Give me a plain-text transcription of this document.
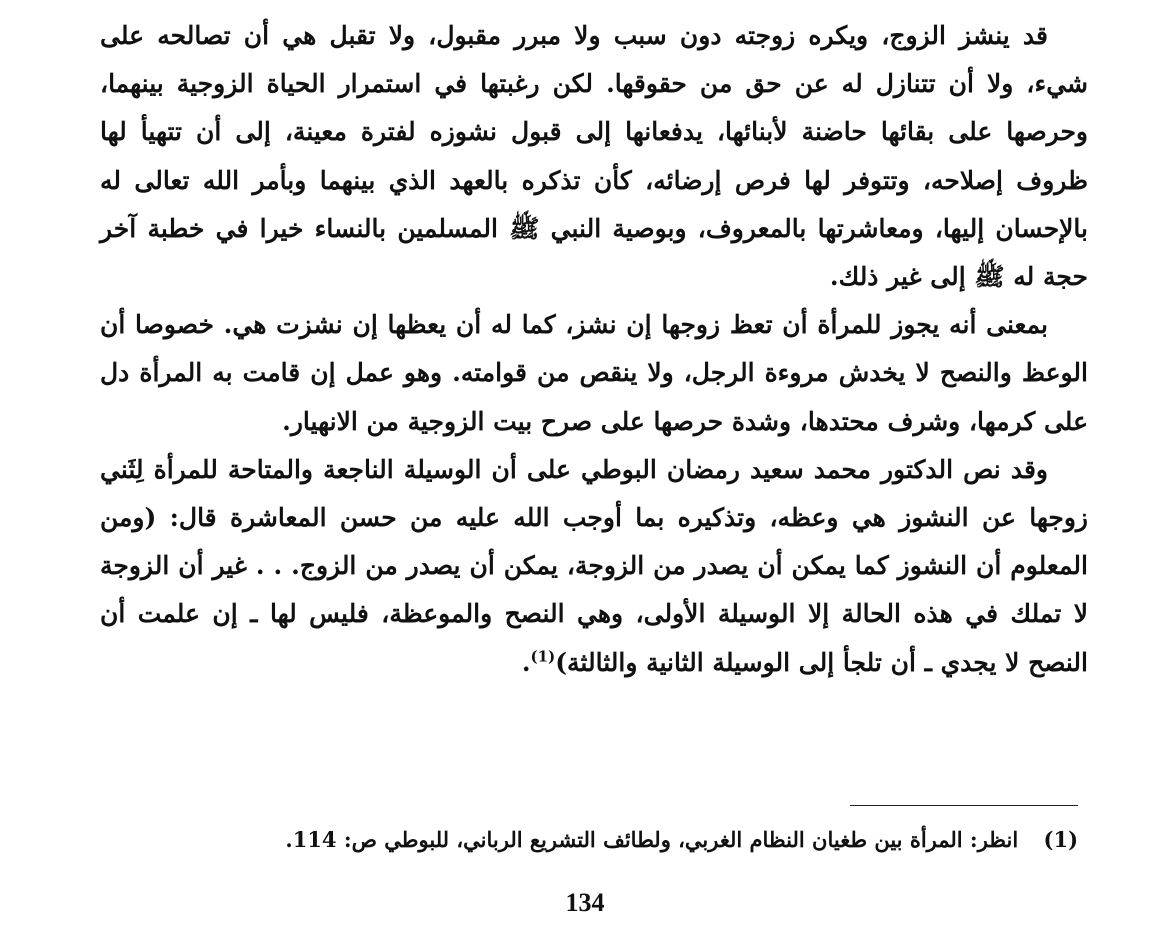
قد ينشز الزوج، ويكره زوجته دون سبب ولا مبرر مقبول، ولا تقبل هي أن تصالحه على شيء، ولا أن تتنازل له عن حق من حقوقها. لكن رغبتها في استمرار الحياة الزوجية بينهما، وحرصها على بقائها حاضنة لأبنائها، يدفعانها إلى قبول نشوزه لفترة معينة، إلى أن تتهيأ لها ظروف إصلاحه، وتتوفر لها فرص إرضائه، كأن تذكره بالعهد الذي بينهما وبأمر الله تعالى له بالإحسان إليها، ومعاشرتها بالمعروف، وبوصية النبي ﷺ المسلمين بالنساء خيرا في خطبة آخر حجة له ﷺ إلى غير ذلك.

بمعنى أنه يجوز للمرأة أن تعظ زوجها إن نشز، كما له أن يعظها إن نشزت هي. خصوصا أن الوعظ والنصح لا يخدش مروءة الرجل، ولا ينقص من قوامته. وهو عمل إن قامت به المرأة دل على كرمها، وشرف محتدها، وشدة حرصها على صرح بيت الزوجية من الانهيار.

وقد نص الدكتور محمد سعيد رمضان البوطي على أن الوسيلة الناجعة والمتاحة للمرأة لِثَني زوجها عن النشوز هي وعظه، وتذكيره بما أوجب الله عليه من حسن المعاشرة قال: (ومن المعلوم أن النشوز كما يمكن أن يصدر من الزوجة، يمكن أن يصدر من الزوج. . . غير أن الزوجة لا تملك في هذه الحالة إلا الوسيلة الأولى، وهي النصح والموعظة، فليس لها ـ إن علمت أن النصح لا يجدي ـ أن تلجأ إلى الوسيلة الثانية والثالثة)$^{(1)}$.

(1) انظر: المرأة بين طغيان النظام الغربي، ولطائف التشريع الرباني، للبوطي ص: 114.
134
